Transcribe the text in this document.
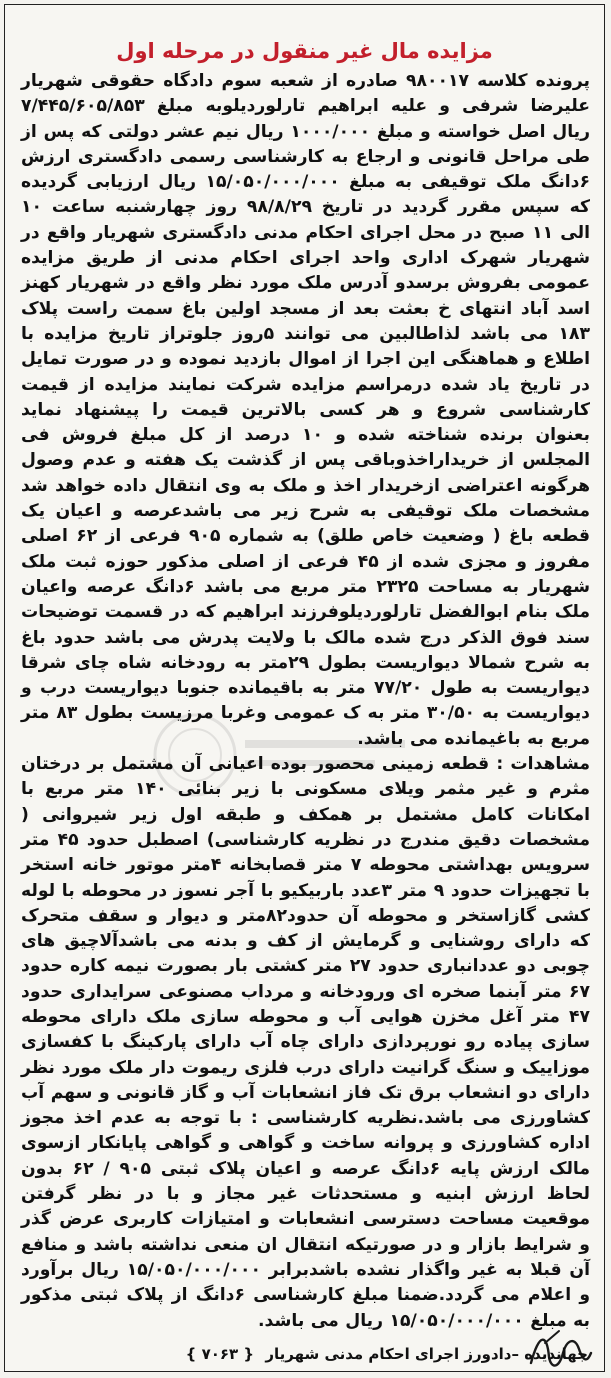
مزایده مال غیر منقول در مرحله اول

پرونده کلاسه ۹۸۰۰۱۷ صادره از شعبه سوم دادگاه حقوقی شهریار علیرضا شرفی و علیه ابراهیم تارلوردیلوبه مبلغ ۷/۴۴۵/۶۰۵/۸۵۳ ریال اصل خواسته و مبلغ ۱۰۰۰/۰۰۰ ریال نیم عشر دولتی که پس از طی مراحل قانونی و ارجاع به کارشناسی رسمی دادگستری ارزش ۶دانگ ملک توقیفی به مبلغ ۱۵/۰۵۰/۰۰۰/۰۰۰ ریال ارزیابی گردیده که سپس مقرر گردید در تاریخ ۹۸/۸/۲۹ روز چهارشنبه ساعت ۱۰ الی ۱۱ صبح در محل اجرای احکام مدنی دادگستری شهریار واقع در شهریار شهرک اداری واحد اجرای احکام مدنی از طریق مزایده عمومی بفروش برسدو آدرس ملک مورد نظر واقع در شهریار کهنز اسد آباد انتهای خ بعثت بعد از مسجد اولین باغ سمت راست پلاک ۱۸۳ می باشد لذاطالبین می توانند ۵روز جلوتراز تاریخ مزایده با اطلاع و هماهنگی این اجرا از اموال بازدید نموده و در صورت تمایل در تاریخ یاد شده درمراسم مزایده شرکت نمایند مزایده از قیمت کارشناسی شروع و هر کسی بالاترین قیمت را پیشنهاد نماید بعنوان برنده شناخته شده و ۱۰ درصد از کل مبلغ فروش فی المجلس از خریداراخذوباقی پس از گذشت یک هفته و عدم وصول هرگونه اعتراضی ازخریدار اخذ و ملک به وی انتقال داده خواهد شد مشخصات ملک توقیفی به شرح زیر می باشدعرصه و اعیان یک قطعه باغ ( وضعیت خاص طلق) به شماره ۹۰۵ فرعی از ۶۲ اصلی مفروز و مجزی شده از ۴۵ فرعی از اصلی مذکور حوزه ثبت ملک شهریار به مساحت ۲۳۲۵ متر مربع می باشد ۶دانگ عرصه واعیان ملک بنام ابوالفضل تارلوردیلوفرزند ابراهیم که در قسمت توضیحات سند فوق الذکر درج شده مالک با ولایت پدرش می باشد حدود باغ به شرح شمالا دیواریست بطول ۲۹متر به رودخانه شاه چای شرقا دیواریست به طول ۷۷/۲۰ متر به باقیمانده جنوبا دیواریست درب و دیواریست به ۳۰/۵۰ متر به ک عمومی وغربا مرزیست بطول ۸۳ متر مربع به باغیمانده می باشد.

مشاهدات : قطعه زمینی محصور بوده اعیانی آن مشتمل بر درختان مثرم و غیر مثمر ویلای مسکونی با زیر بنائی ۱۴۰ متر مربع با امکانات کامل مشتمل بر همکف و طبقه اول زیر شیروانی ( مشخصات دقیق مندرج در نظریه کارشناسی) اصطبل حدود ۴۵ متر سرویس بهداشتی محوطه ۷ متر قصابخانه ۴متر موتور خانه استخر با تجهیزات حدود ۹ متر ۳عدد باربیکیو با آجر نسوز در محوطه با لوله کشی گازاستخر و محوطه آن حدود۸۲متر و دیوار و سقف متحرک که دارای روشنایی و گرمایش از کف و بدنه می باشدآلاچیق های چوبی دو عددانباری حدود ۲۷ متر کشتی بار بصورت نیمه کاره حدود ۶۷ متر آبنما صخره ای ورودخانه و مرداب مصنوعی سرایداری حدود ۴۷ متر آغل مخزن هوایی آب و محوطه سازی ملک دارای محوطه سازی پیاده رو نورپردازی دارای چاه آب دارای پارکینگ با کفسازی موزاییک و سنگ گرانیت دارای درب فلزی ریموت دار ملک مورد نظر دارای دو انشعاب برق تک فاز انشعابات آب و گاز قانونی و سهم آب کشاورزی می باشد.نظریه کارشناسی : با توجه به عدم اخذ مجوز اداره کشاورزی و پروانه ساخت و گواهی و گواهی پایانکار ازسوی مالک ارزش پایه ۶دانگ عرصه و اعیان پلاک ثبتی ۹۰۵ / ۶۲ بدون لحاظ ارزش ابنیه و مستحدثات غیر مجاز و با در نظر گرفتن موقعیت مساحت دسترسی انشعابات و امتیازات کاربری عرض گذر و شرایط بازار و در صورتیکه انتقال ان منعی نداشته باشد و منافع آن قبلا به غیر واگذار نشده باشدبرابر ۱۵/۰۵۰/۰۰۰/۰۰۰ ریال برآورد و اعلام می گردد.ضمنا مبلغ کارشناسی ۶دانگ از پلاک ثبتی مذکور به مبلغ ۱۵/۰۵۰/۰۰۰/۰۰۰ ریال می باشد.

جهاندیده –دادورز اجرای احکام مدنی شهریار { ۷۰۶۳ }
